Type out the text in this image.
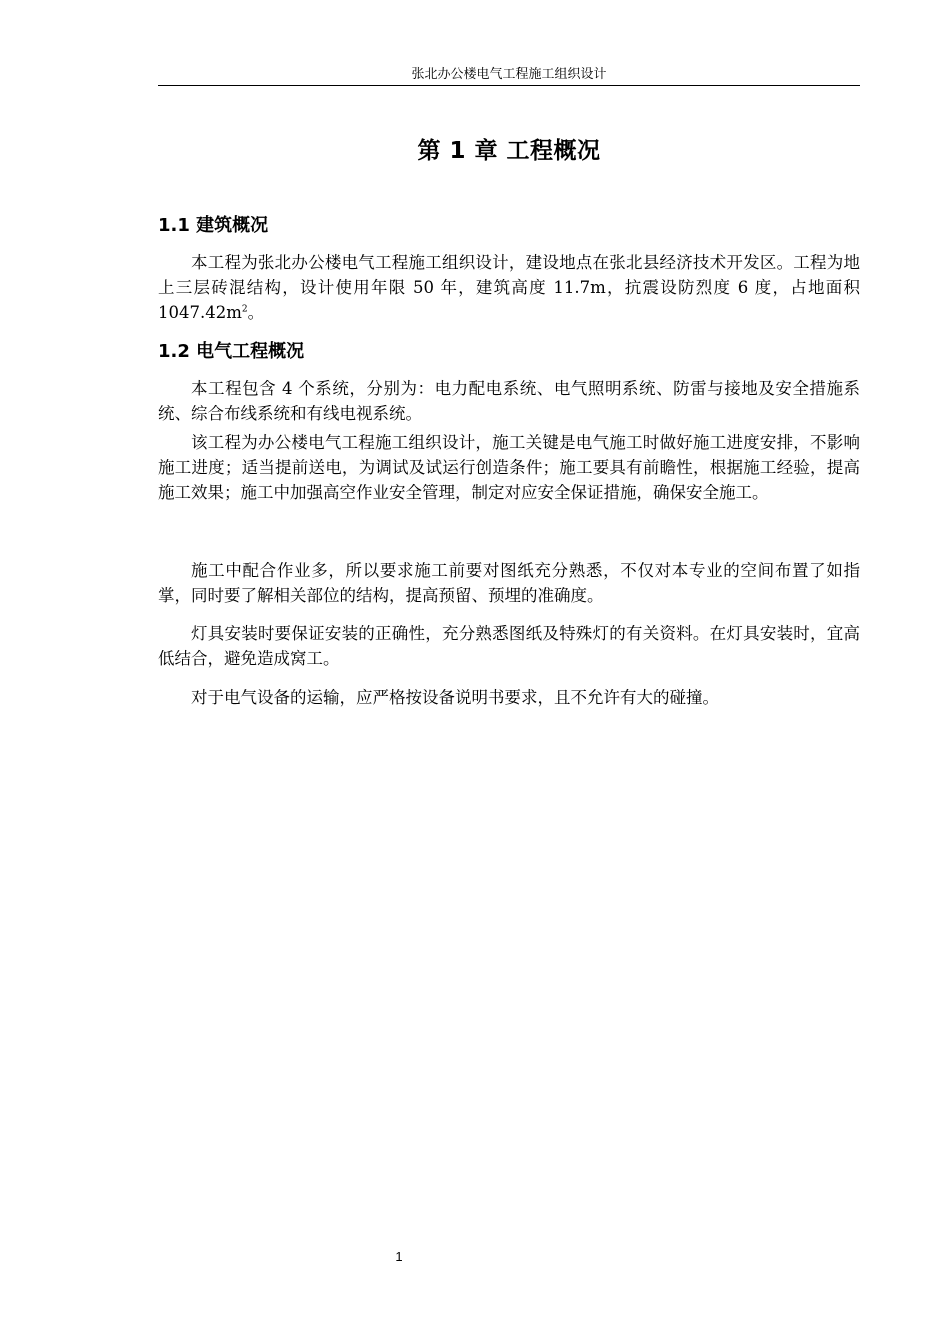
张北办公楼电气工程施工组织设计
第 1 章 工程概况
1.1 建筑概况

本工程为张北办公楼电气工程施工组织设计，建设地点在张北县经济技术开发区。工程为地上三层砖混结构，设计使用年限 50 年，建筑高度 11.7m，抗震设防烈度 6 度，占地面积 $1047.42m^2$。

1.2 电气工程概况

本工程包含 4 个系统，分别为：电力配电系统、电气照明系统、防雷与接地及安全措施系统、综合布线系统和有线电视系统。

该工程为办公楼电气工程施工组织设计，施工关键是电气施工时做好施工进度安排，不影响施工进度；适当提前送电，为调试及试运行创造条件；施工要具有前瞻性，根据施工经验，提高施工效果；施工中加强高空作业安全管理，制定对应安全保证措施，确保安全施工。

施工中配合作业多，所以要求施工前要对图纸充分熟悉，不仅对本专业的空间布置了如指掌，同时要了解相关部位的结构，提高预留、预埋的准确度。

灯具安装时要保证安装的正确性，充分熟悉图纸及特殊灯的有关资料。在灯具安装时，宜高低结合，避免造成窝工。

对于电气设备的运输，应严格按设备说明书要求，且不允许有大的碰撞。

1
